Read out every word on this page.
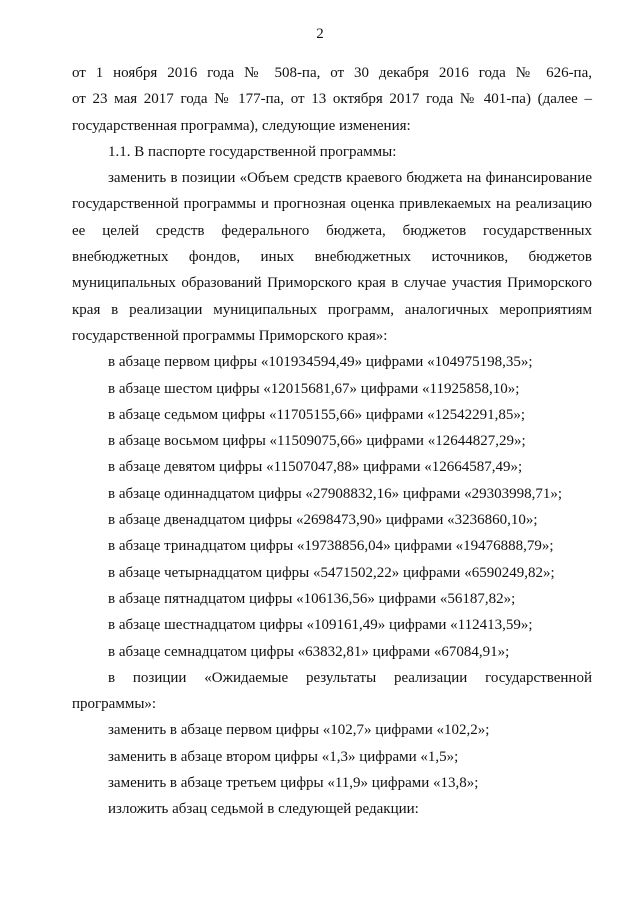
2
от 1 ноября 2016 года № 508-па, от 30 декабря 2016 года № 626-па,
от 23 мая 2017 года № 177-па, от 13 октября 2017 года № 401-па) (далее –
государственная программа), следующие изменения:
1.1. В паспорте государственной программы:
заменить в позиции «Объем средств краевого бюджета на финансирование
государственной программы и прогнозная оценка привлекаемых на реализацию
ее целей средств федерального бюджета, бюджетов государственных
внебюджетных фондов, иных внебюджетных источников, бюджетов
муниципальных образований Приморского края в случае участия Приморского
края в реализации муниципальных программ, аналогичных мероприятиям
государственной программы Приморского края»:
в абзаце первом цифры «101934594,49» цифрами «104975198,35»;
в абзаце шестом цифры «12015681,67» цифрами «11925858,10»;
в абзаце седьмом цифры «11705155,66» цифрами «12542291,85»;
в абзаце восьмом цифры «11509075,66» цифрами «12644827,29»;
в абзаце девятом цифры «11507047,88» цифрами «12664587,49»;
в абзаце одиннадцатом цифры «27908832,16» цифрами «29303998,71»;
в абзаце двенадцатом цифры «2698473,90» цифрами «3236860,10»;
в абзаце тринадцатом цифры «19738856,04» цифрами «19476888,79»;
в абзаце четырнадцатом цифры «5471502,22» цифрами «6590249,82»;
в абзаце пятнадцатом цифры «106136,56» цифрами «56187,82»;
в абзаце шестнадцатом цифры «109161,49» цифрами «112413,59»;
в абзаце семнадцатом цифры «63832,81» цифрами «67084,91»;
в позиции «Ожидаемые результаты реализации государственной
программы»:
заменить в абзаце первом цифры «102,7» цифрами «102,2»;
заменить в абзаце втором цифры «1,3» цифрами «1,5»;
заменить в абзаце третьем цифры «11,9» цифрами «13,8»;
изложить абзац седьмой в следующей редакции:
